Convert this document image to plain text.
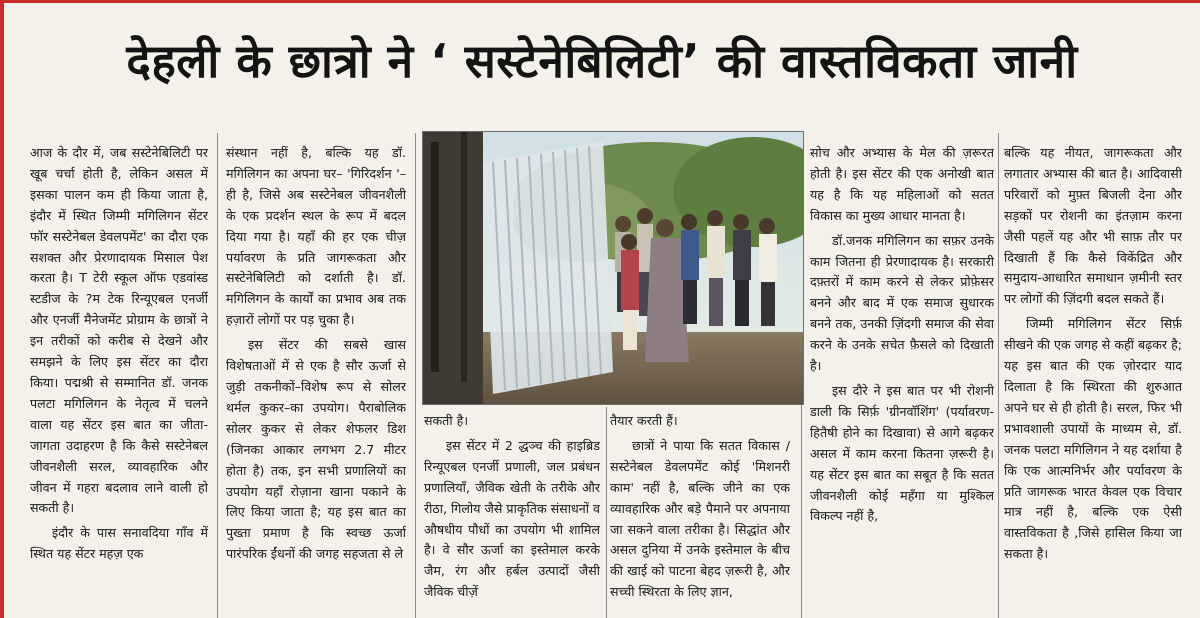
देहली के छात्रो ने ‘ सस्टेनेबिलिटी’ की वास्तविकता जानी

आज के दौर में, जब सस्टेनेबिलिटी पर खूब चर्चा होती है, लेकिन असल में इसका पालन कम ही किया जाता है, इंदौर में स्थित जिम्मी मगिलिगन सेंटर फॉर सस्टेनेबल डेवलपमेंट' का दौरा एक सशक्त और प्रेरणादायक मिसाल पेश करता है। T टेरी स्कूल ऑफ एडवांस्ड स्टडीज के ?म टेक रिन्यूएबल एनर्जी और एनर्जी मैनेजमेंट प्रोग्राम के छात्रों ने इन तरीकों को करीब से देखने और समझने के लिए इस सेंटर का दौरा किया। पद्मश्री से सम्मानित डॉ. जनक पलटा मगिलिगन के नेतृत्व में चलने वाला यह सेंटर इस बात का जीता-जागता उदाहरण है कि कैसे सस्टेनेबल जीवनशैली सरल, व्यावहारिक और जीवन में गहरा बदलाव लाने वाली हो सकती है।

इंदौर के पास सनावदिया गाँव में स्थित यह सेंटर महज़ एक

संस्थान नहीं है, बल्कि यह डॉ. मगिलिगन का अपना घर– 'गिरिदर्शन '–ही है, जिसे अब सस्टेनेबल जीवनशैली के एक प्रदर्शन स्थल के रूप में बदल दिया गया है। यहाँ की हर एक चीज़ पर्यावरण के प्रति जागरूकता और सस्टेनेबिलिटी को दर्शाती है। डॉ. मगिलिगन के कार्यों का प्रभाव अब तक हज़ारों लोगों पर पड़ चुका है।

इस सेंटर की सबसे खास विशेषताओं में से एक है सौर ऊर्जा से जुड़ी तकनीकों–विशेष रूप से सोलर थर्मल कुकर–का उपयोग। पैराबोलिक सोलर कुकर से लेकर शेफलर डिश (जिनका आकार लगभग 2.7 मीटर होता है) तक, इन सभी प्रणालियों का उपयोग यहाँ रोज़ाना खाना पकाने के लिए किया जाता है; यह इस बात का पुख्ता प्रमाण है कि स्वच्छ ऊर्जा पारंपरिक ईंधनों की जगह सहजता से ले

सकती है।

इस सेंटर में 2 द्धञ्च की हाइब्रिड रिन्यूएबल एनर्जी प्रणाली, जल प्रबंधन प्रणालियाँ, जैविक खेती के तरीके और रीठा, गिलोय जैसे प्राकृतिक संसाधनों व औषधीय पौधों का उपयोग भी शामिल है। वे सौर ऊर्जा का इस्तेमाल करके जैम, रंग और हर्बल उत्पादों जैसी जैविक चीज़ें

तैयार करती हैं।

छात्रों ने पाया कि सतत विकास /सस्टेनेबल डेवलपमेंट कोई 'मिशनरी काम' नहीं है, बल्कि जीने का एक व्यावहारिक और बड़े पैमाने पर अपनाया जा सकने वाला तरीका है। सिद्धांत और असल दुनिया में उनके इस्तेमाल के बीच की खाई को पाटना बेहद ज़रूरी है, और सच्ची स्थिरता के लिए ज्ञान,

सोच और अभ्यास के मेल की ज़रूरत होती है। इस सेंटर की एक अनोखी बात यह है कि यह महिलाओं को सतत विकास का मुख्य आधार मानता है।

डॉ.जनक मगिलिगन का सफ़र उनके काम जितना ही प्रेरणादायक है। सरकारी दफ़्तरों में काम करने से लेकर प्रोफ़ेसर बनने और बाद में एक समाज सुधारक बनने तक, उनकी ज़िंदगी समाज की सेवा करने के उनके सचेत फ़ैसले को दिखाती है।

इस दौरे ने इस बात पर भी रोशनी डाली कि सिर्फ़ 'ग्रीनवॉशिंग' (पर्यावरण-हितैषी होने का दिखावा) से आगे बढ़कर असल में काम करना कितना ज़रूरी है। यह सेंटर इस बात का सबूत है कि सतत जीवनशैली कोई महँगा या मुश्किल विकल्प नहीं है,

बल्कि यह नीयत, जागरूकता और लगातार अभ्यास की बात है। आदिवासी परिवारों को मुफ़्त बिजली देना और सड़कों पर रोशनी का इंतज़ाम करना जैसी पहलें यह और भी साफ़ तौर पर दिखाती हैं कि कैसे विकेंद्रित और समुदाय-आधारित समाधान ज़मीनी स्तर पर लोगों की ज़िंदगी बदल सकते हैं।

जिम्मी मगिलिगन सेंटर सिर्फ़ सीखने की एक जगह से कहीं बढ़कर है; यह इस बात की एक ज़ोरदार याद दिलाता है कि स्थिरता की शुरुआत अपने घर से ही होती है। सरल, फिर भी प्रभावशाली उपायों के माध्यम से, डॉ. जनक पलटा मगिलिगन ने यह दर्शाया है कि एक आत्मनिर्भर और पर्यावरण के प्रति जागरूक भारत केवल एक विचार मात्र नहीं है, बल्कि एक ऐसी वास्तविकता है ,जिसे हासिल किया जा सकता है।
